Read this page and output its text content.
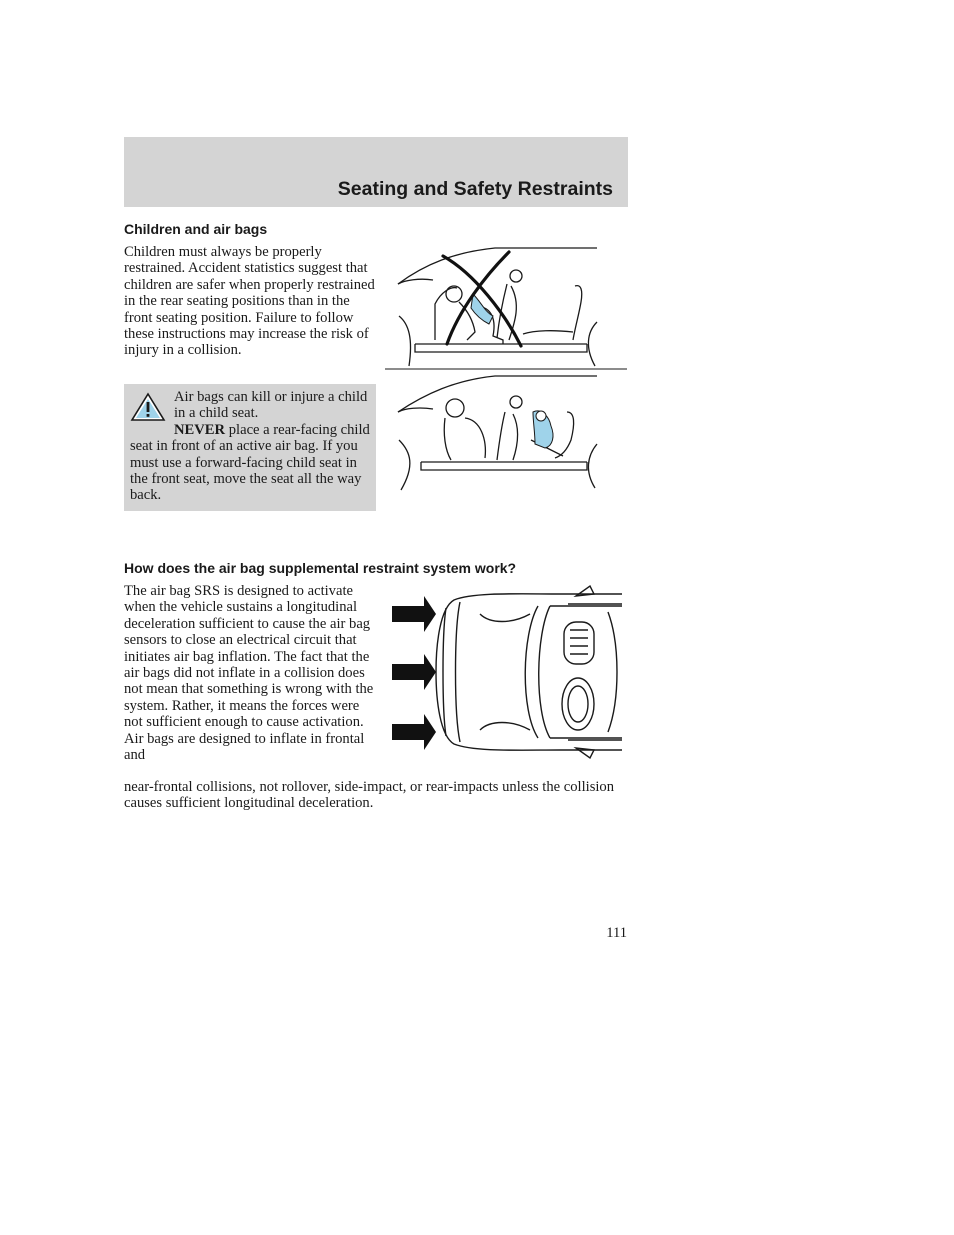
Seating and Safety Restraints
Children and air bags

Children must always be properly restrained. Accident statistics suggest that children are safer when properly restrained in the rear seating positions than in the front seating position. Failure to follow these instructions may increase the risk of injury in a collision.

Air bags can kill or injure a child in a child seat.
NEVER place a rear-facing child seat in front of an active air bag. If you must use a forward-facing child seat in the front seat, move the seat all the way back.
How does the air bag supplemental restraint system work?

The air bag SRS is designed to activate when the vehicle sustains a longitudinal deceleration sufficient to cause the air bag sensors to close an electrical circuit that initiates air bag inflation. The fact that the air bags did not inflate in a collision does not mean that something is wrong with the system. Rather, it means the forces were not sufficient enough to cause activation. Air bags are designed to inflate in frontal and

near-frontal collisions, not rollover, side-impact, or rear-impacts unless the collision causes sufficient longitudinal deceleration.

111
